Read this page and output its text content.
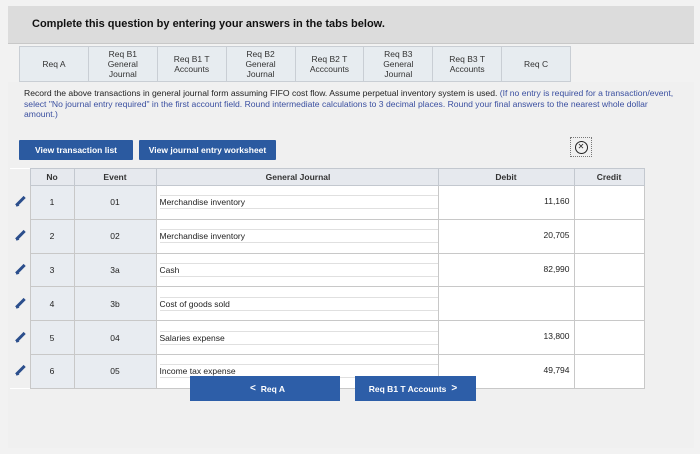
Complete this question by entering your answers in the tabs below.
Req A
Req B1
General
Journal
Req B1 T
Accounts
Req B2
General
Journal
Req B2 T
Acccounts
Req B3
General
Journal
Req B3 T
Accounts	Req C
Record the above transactions in general journal form assuming FIFO cost flow. Assume perpetual inventory system is used. (If no entry is required for a transaction/event, select "No journal entry required" in the first account field. Round intermediate calculations to 3 decimal places. Round your final answers to the nearest whole dollar amount.)
View transaction list	View journal entry worksheet	✕
	No	Event	General Journal	Debit	Credit
	1	01	Merchandise inventory	11,160	
	2	02	Merchandise inventory	20,705	
	3	3a	Cash	82,990	
	4	3b	Cost of goods sold		

	5	04	Salaries expense	13,800	
	6	05	Income tax expense	49,794	
< Req A	Req B1 T Accounts >
